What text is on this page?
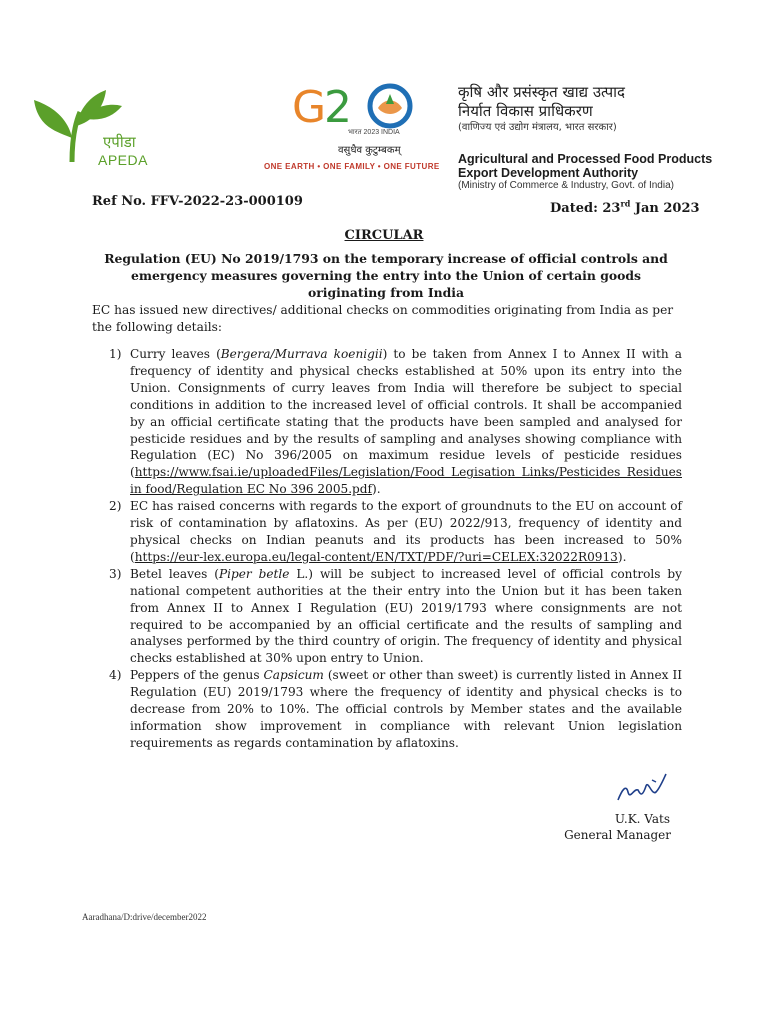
एपीडा
APEDA
G
2
भारत 2023 INDIA
वसुधैव कुटुम्बकम्
ONE EARTH • ONE FAMILY • ONE FUTURE
कृषि और प्रसंस्कृत खाद्य उत्पाद
निर्यात विकास प्राधिकरण
(वाणिज्य एवं उद्योग मंत्रालय, भारत सरकार)
Agricultural and Processed Food Products
Export Development Authority
(Ministry of Commerce & Industry, Govt. of India)
Ref No. FFV-2022-23-000109	Dated: 23rd Jan 2023
CIRCULAR
Regulation (EU) No 2019/1793 on the temporary increase of official controls and emergency measures governing the entry into the Union of certain goods originating from India
EC has issued new directives/ additional checks on commodities originating from India as per the following details:
1) Curry leaves (Bergera/Murrava koenigii) to be taken from Annex I to Annex II with a frequency of identity and physical checks established at 50% upon its entry into the Union. Consignments of curry leaves from India will therefore be subject to special conditions in addition to the increased level of official controls. It shall be accompanied by an official certificate stating that the products have been sampled and analysed for pesticide residues and by the results of sampling and analyses showing compliance with Regulation (EC) No 396/2005 on maximum residue levels of pesticide residues (https://www.fsai.ie/uploadedFiles/Legislation/Food Legisation Links/Pesticides Residues in food/Regulation EC No 396 2005.pdf).
2) EC has raised concerns with regards to the export of groundnuts to the EU on account of risk of contamination by aflatoxins. As per (EU) 2022/913, frequency of identity and physical checks on Indian peanuts and its products has been increased to 50% (https://eur-lex.europa.eu/legal-content/EN/TXT/PDF/?uri=CELEX:32022R0913).
3) Betel leaves (Piper betle L.) will be subject to increased level of official controls by national competent authorities at the their entry into the Union but it has been taken from Annex II to Annex I Regulation (EU) 2019/1793 where consignments are not required to be accompanied by an official certificate and the results of sampling and analyses performed by the third country of origin. The frequency of identity and physical checks established at 30% upon entry to Union.
4) Peppers of the genus Capsicum (sweet or other than sweet) is currently listed in Annex II Regulation (EU) 2019/1793 where the frequency of identity and physical checks is to decrease from 20% to 10%. The official controls by Member states and the available information show improvement in compliance with relevant Union legislation requirements as regards contamination by aflatoxins.
U.K. Vats
General Manager
Aaradhana/D:drive/december2022
